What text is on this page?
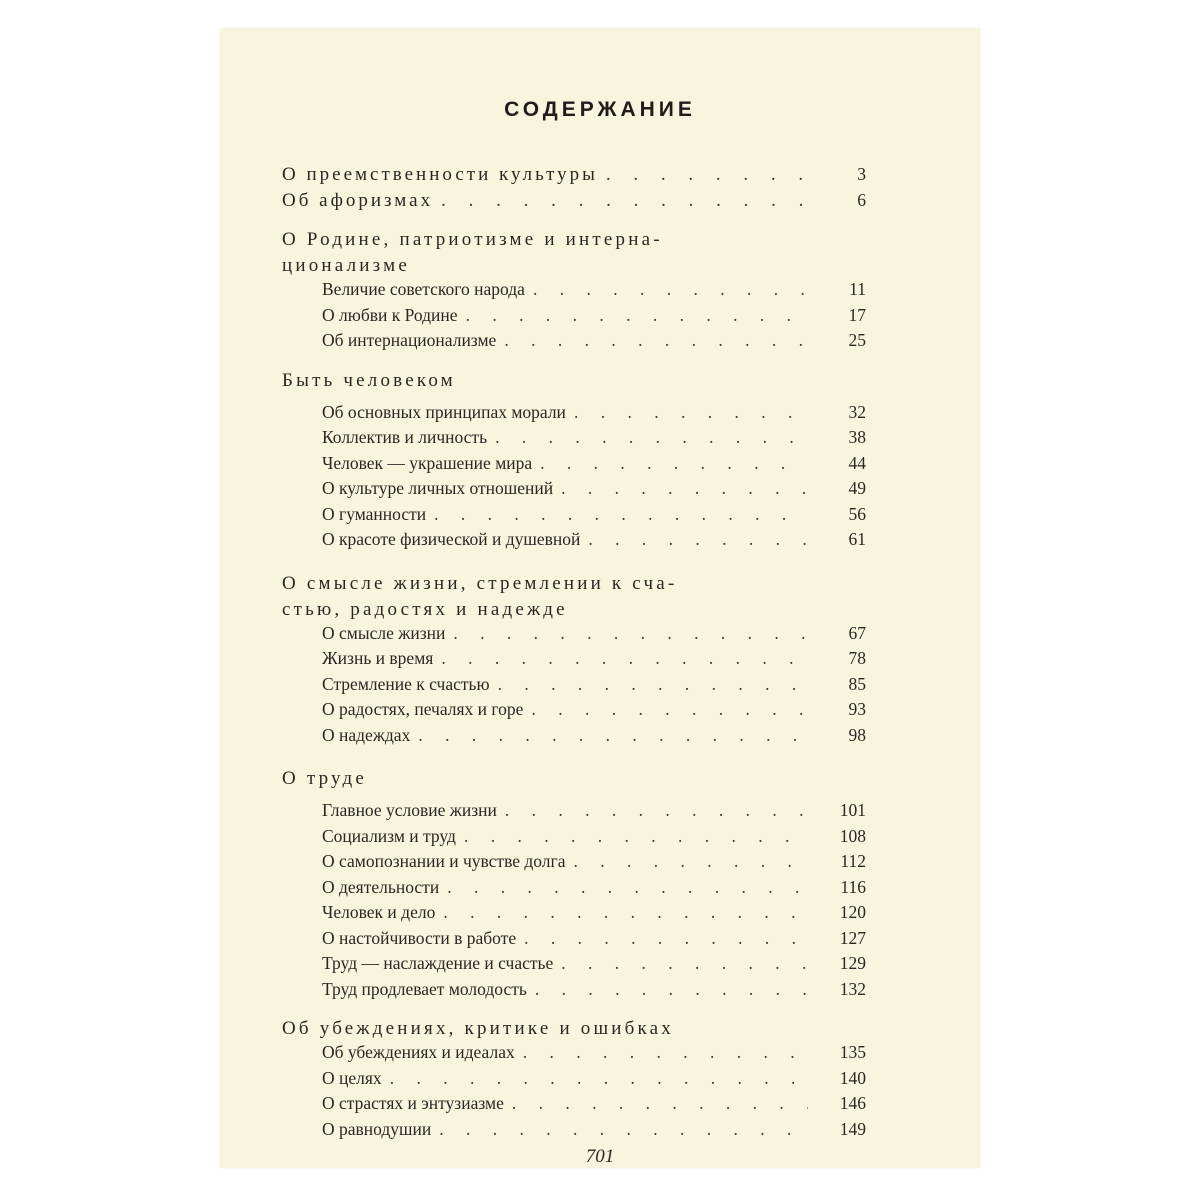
СОДЕРЖАНИЕ
О преемственности культуры . . .	3
Об афоризмах . . .	6
О Родине, патриотизме и интерна-
ционализме
Величие советского народа . . .	11
О любви к Родине . . .	17
Об интернационализме . . .	25
Быть человеком
Об основных принципах морали . . .	32
Коллектив и личность . . .	38
Человек — украшение мира . . .	44
О культуре личных отношений . . .	49
О гуманности . . .	56
О красоте физической и душевной . . .	61
О смысле жизни, стремлении к сча-
стью, радостях и надежде
О смысле жизни . . .	67
Жизнь и время . . .	78
Стремление к счастью . . .	85
О радостях, печалях и горе . . .	93
О надеждах . . .	98
О труде
Главное условие жизни . . .	101
Социализм и труд . . .	108
О самопознании и чувстве долга . . .	112
О деятельности . . .	116
Человек и дело . . .	120
О настойчивости в работе . . .	127
Труд — наслаждение и счастье . . .	129
Труд продлевает молодость . . .	132
Об убеждениях, критике и ошибках
Об убеждениях и идеалах . . .	135
О целях . . .	140
О страстях и энтузиазме . . .	146
О равнодушии . . .	149
701
